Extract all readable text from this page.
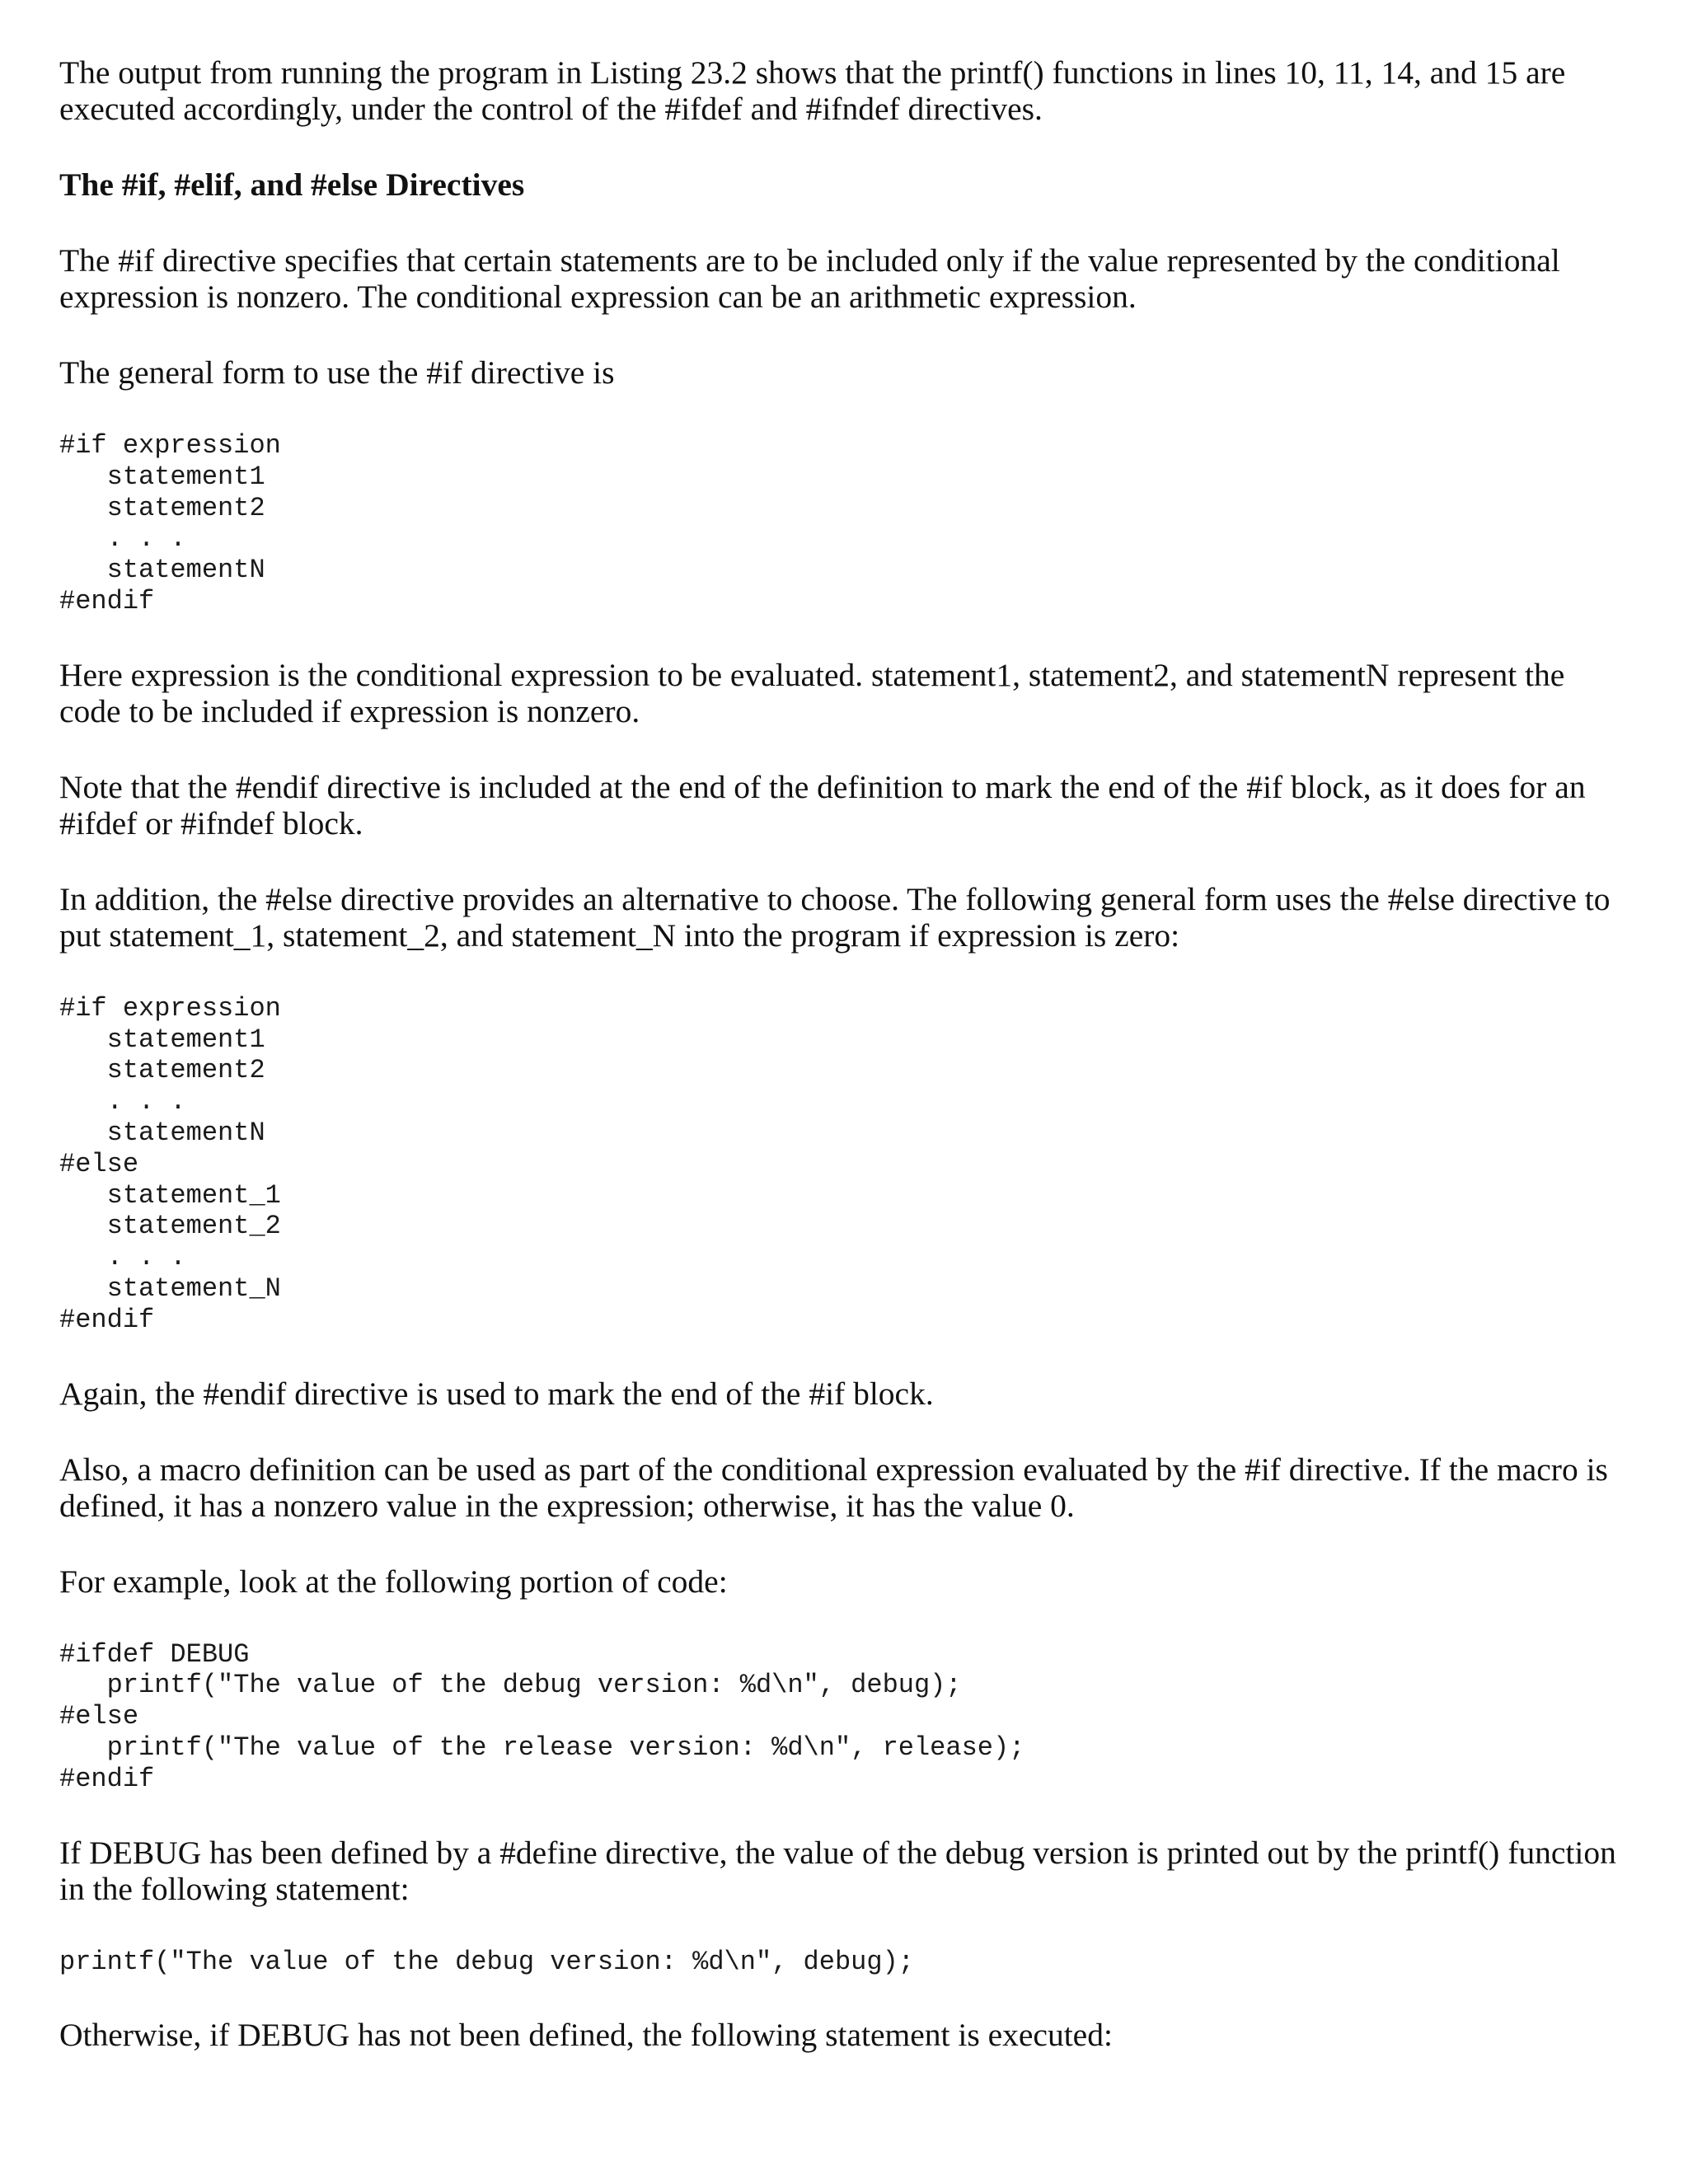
The output from running the program in Listing 23.2 shows that the printf() functions in lines 10, 11, 14, and 15 are executed accordingly, under the control of the #ifdef and #ifndef directives.

The #if, #elif, and #else Directives

The #if directive specifies that certain statements are to be included only if the value represented by the conditional expression is nonzero. The conditional expression can be an arithmetic expression.

The general form to use the #if directive is

#if expression
statement1
statement2
. . .
statementN
#endif

Here expression is the conditional expression to be evaluated. statement1, statement2, and statementN represent the code to be included if expression is nonzero.

Note that the #endif directive is included at the end of the definition to mark the end of the #if block, as it does for an #ifdef or #ifndef block.

In addition, the #else directive provides an alternative to choose. The following general form uses the #else directive to put statement_1, statement_2, and statement_N into the program if expression is zero:

#if expression
statement1
statement2
. . .
statementN
#else
statement_1
statement_2
. . .
statement_N
#endif

Again, the #endif directive is used to mark the end of the #if block.

Also, a macro definition can be used as part of the conditional expression evaluated by the #if directive. If the macro is defined, it has a nonzero value in the expression; otherwise, it has the value 0.

For example, look at the following portion of code:

#ifdef DEBUG
printf("The value of the debug version: %d\n", debug);
#else
printf("The value of the release version: %d\n", release);
#endif

If DEBUG has been defined by a #define directive, the value of the debug version is printed out by the printf() function in the following statement:

printf("The value of the debug version: %d\n", debug);

Otherwise, if DEBUG has not been defined, the following statement is executed:
